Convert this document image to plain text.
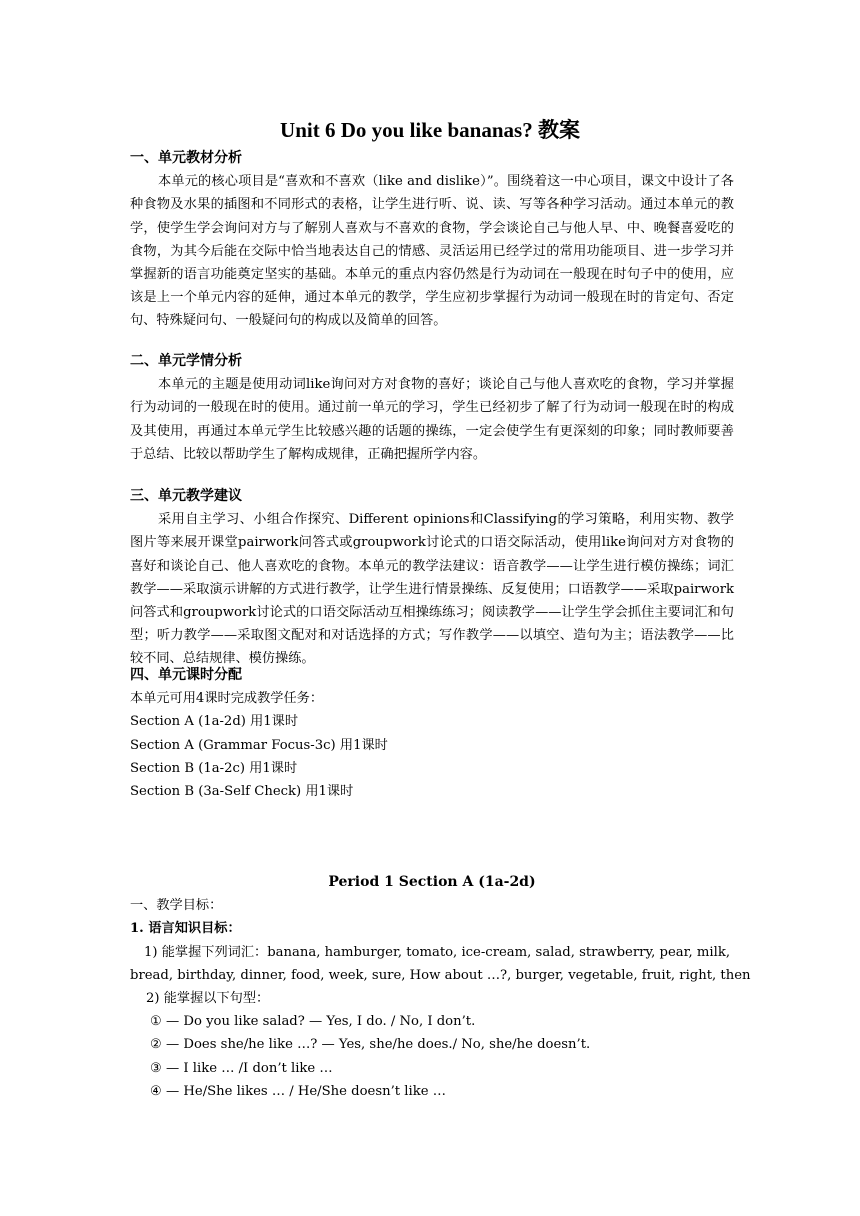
Unit 6 Do you like bananas? 教案
一、单元教材分析
本单元的核心项目是“喜欢和不喜欢（like and dislike）”。围绕着这一中心项目，课文中设计了各种食物及水果的插图和不同形式的表格，让学生进行听、说、读、写等各种学习活动。通过本单元的教学，使学生学会询问对方与了解别人喜欢与不喜欢的食物，学会谈论自己与他人早、中、晚餐喜爱吃的食物，为其今后能在交际中恰当地表达自己的情感、灵活运用已经学过的常用功能项目、进一步学习并掌握新的语言功能奠定坚实的基础。本单元的重点内容仍然是行为动词在一般现在时句子中的使用，应该是上一个单元内容的延伸，通过本单元的教学，学生应初步掌握行为动词一般现在时的肯定句、否定句、特殊疑问句、一般疑问句的构成以及简单的回答。
二、单元学情分析
本单元的主题是使用动词like询问对方对食物的喜好；谈论自己与他人喜欢吃的食物，学习并掌握行为动词的一般现在时的使用。通过前一单元的学习，学生已经初步了解了行为动词一般现在时的构成及其使用，再通过本单元学生比较感兴趣的话题的操练，一定会使学生有更深刻的印象；同时教师要善于总结、比较以帮助学生了解构成规律，正确把握所学内容。
三、单元教学建议
采用自主学习、小组合作探究、Different opinions和Classifying的学习策略，利用实物、教学图片等来展开课堂pairwork问答式或groupwork讨论式的口语交际活动，使用like询问对方对食物的喜好和谈论自己、他人喜欢吃的食物。本单元的教学法建议：语音教学——让学生进行模仿操练；词汇教学——采取演示讲解的方式进行教学，让学生进行情景操练、反复使用；口语教学——采取pairwork问答式和groupwork讨论式的口语交际活动互相操练练习；阅读教学——让学生学会抓住主要词汇和句型；听力教学——采取图文配对和对话选择的方式；写作教学——以填空、造句为主；语法教学——比较不同、总结规律、模仿操练。
四、单元课时分配
本单元可用4课时完成教学任务：
Section A (1a-2d) 用1课时
Section A (Grammar Focus-3c) 用1课时
Section B (1a-2c) 用1课时
Section B (3a-Self Check) 用1课时
Period 1 Section A (1a-2d)
一、教学目标：
1. 语言知识目标：
1) 能掌握下列词汇：banana, hamburger, tomato, ice-cream, salad, strawberry, pear, milk,
bread, birthday, dinner, food, week, sure, How about …?, burger, vegetable, fruit, right, then
2) 能掌握以下句型：
① — Do you like salad? — Yes, I do. / No, I don’t.
② — Does she/he like …? — Yes, she/he does./ No, she/he doesn’t.
③ — I like … /I don’t like …
④ — He/She likes … / He/She doesn’t like …
